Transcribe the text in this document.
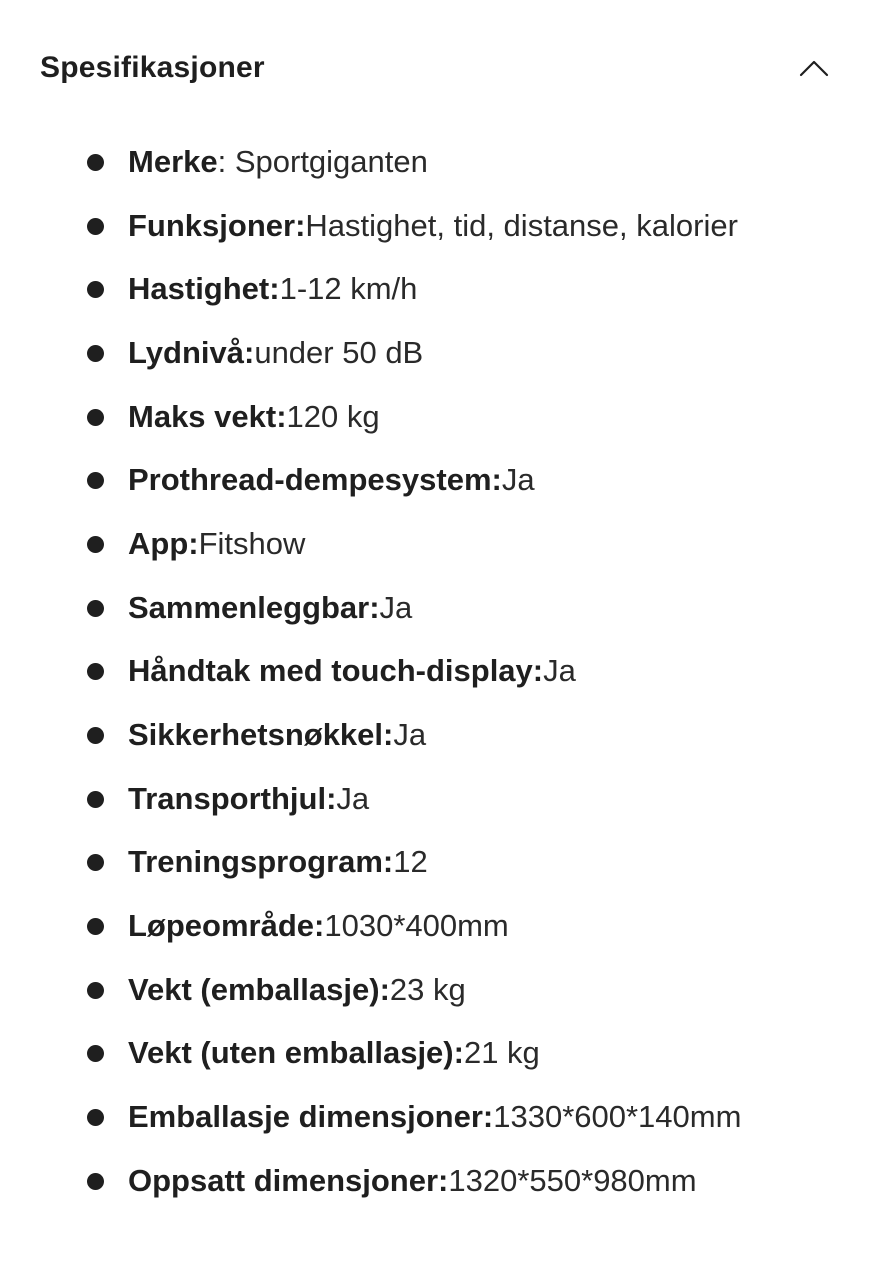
Spesifikasjoner
Merke : Sportgiganten
Funksjoner: Hastighet, tid, distanse, kalorier
Hastighet: 1-12 km/h
Lydnivå: under 50 dB
Maks vekt: 120 kg
Prothread-dempesystem: Ja
App: Fitshow
Sammenleggbar: Ja
Håndtak med touch-display: Ja
Sikkerhetsnøkkel: Ja
Transporthjul: Ja
Treningsprogram: 12
Løpeområde: 1030*400mm
Vekt (emballasje): 23 kg
Vekt (uten emballasje): 21 kg
Emballasje dimensjoner: 1330*600*140mm
Oppsatt dimensjoner: 1320*550*980mm
